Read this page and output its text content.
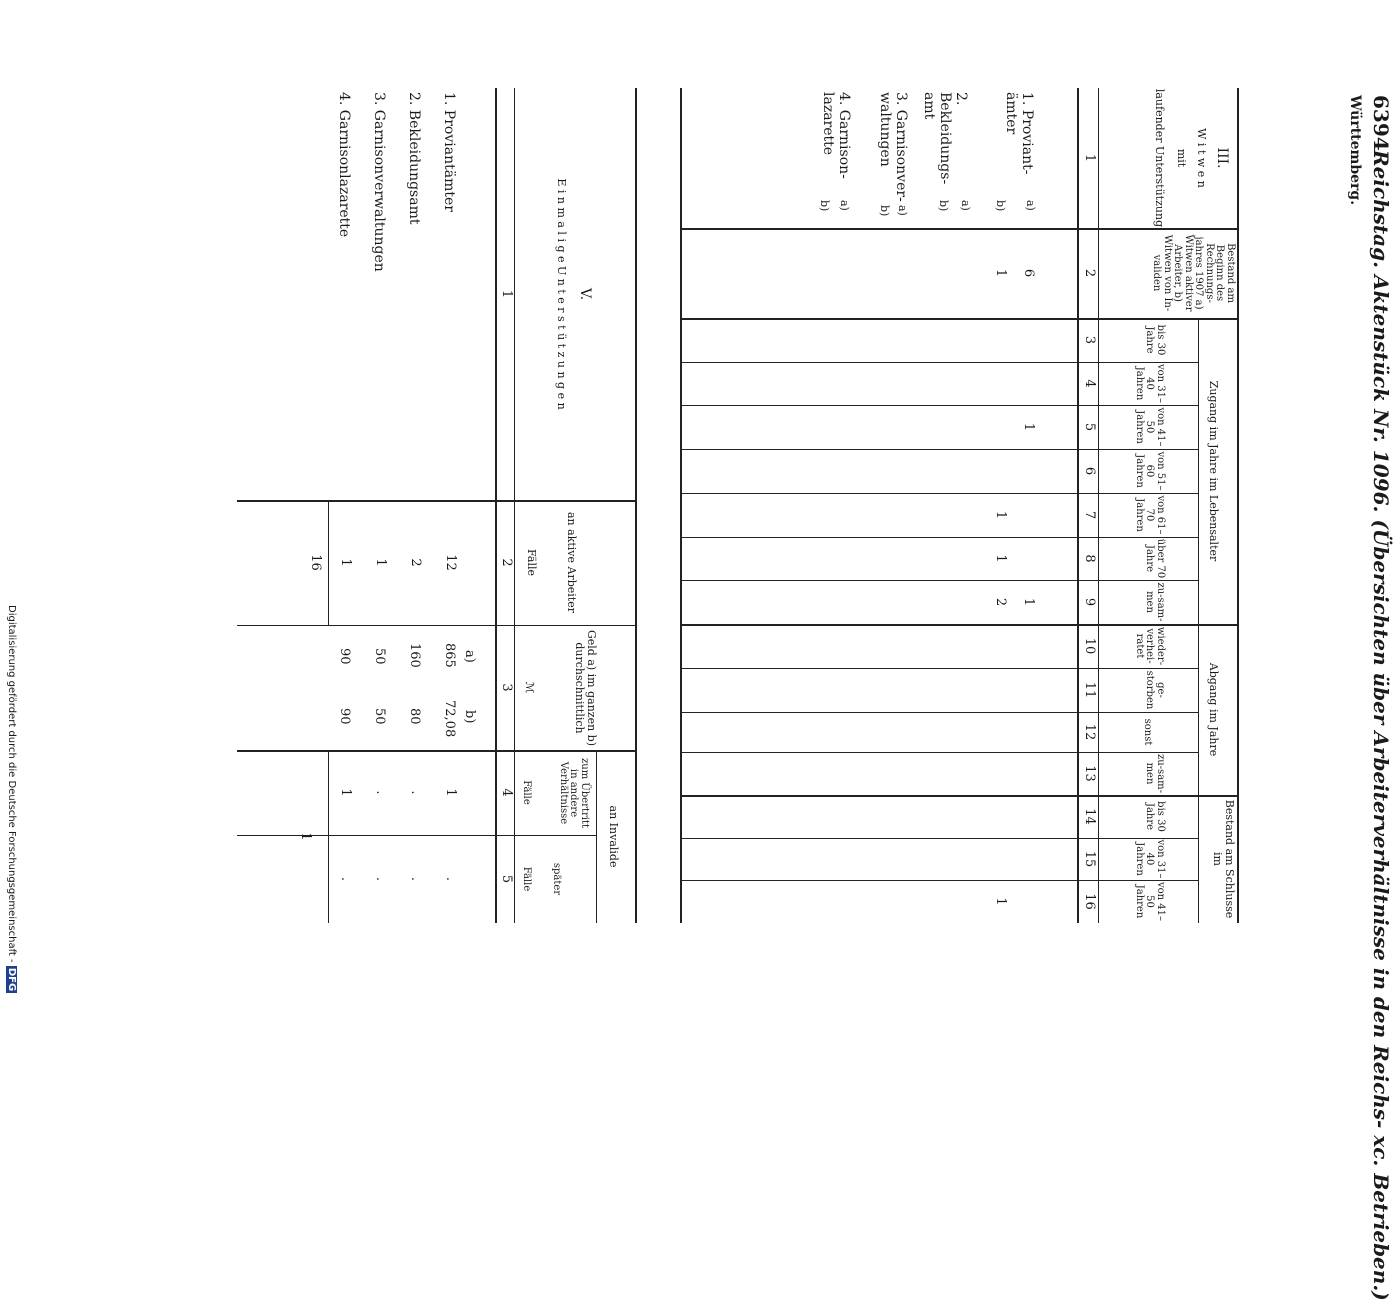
6394
Reichstag. Aktenstück Nr. 1096. (Übersichten über Arbeiterverhältnisse in den Reichs- xc. Betrieben.)
Württemberg.
III.
W i t w e n
mit
laufender Unterstützung
Bestand am Beginn des Rechnungs-jahres 1907 a) Witwen aktiver Arbeiter, b) Witwen von In-validen
Zugang im Jahre im Lebensalter
Abgang im Jahre
Bestand am Schlusse im
bis 30 Jahre
von 31–40 Jahren
von 41–50 Jahren
von 51–60 Jahren
von 61–70 Jahren
über 70 Jahre
zu-sam-men
wieder-verhei-ratet
ge-storben
sonst
zu-sam-men
bis 30 Jahre
von 31–40 Jahren
von 41–50 Jahren
1
2
3
4
5
6
7
8
9
10
11
12
13
14
15
16
1. Proviant-ämter
a)
b)
2. Bekleidungs-amt
a)
b)
3. Garnisonver-waltungen
a)
b)
4. Garnison-lazarette
a)
b)
6
1
1
1
1
1
2
1
V.
E i n m a l i g e U n t e r s t ü t z u n g e n
an aktive Arbeiter
Fälle
Geld a) im ganzen b) durchschnittlich
ℳ
an Invalide
zum Übertritt in andere Verhältnisse
Fälle
später
Fälle
1
2
3
4
5
a)
b)
1. Proviantämter
12
865
72,08
1
.
2. Bekleidungsamt
2
160
80
.
.
3. Garnisonverwaltungen
1
50
50
.
.
4. Garnisonlazarette
1
90
90
1
.
16
1
Digitalisierung gefördert durch die Deutsche Forschungsgemeinschaft - DFG
